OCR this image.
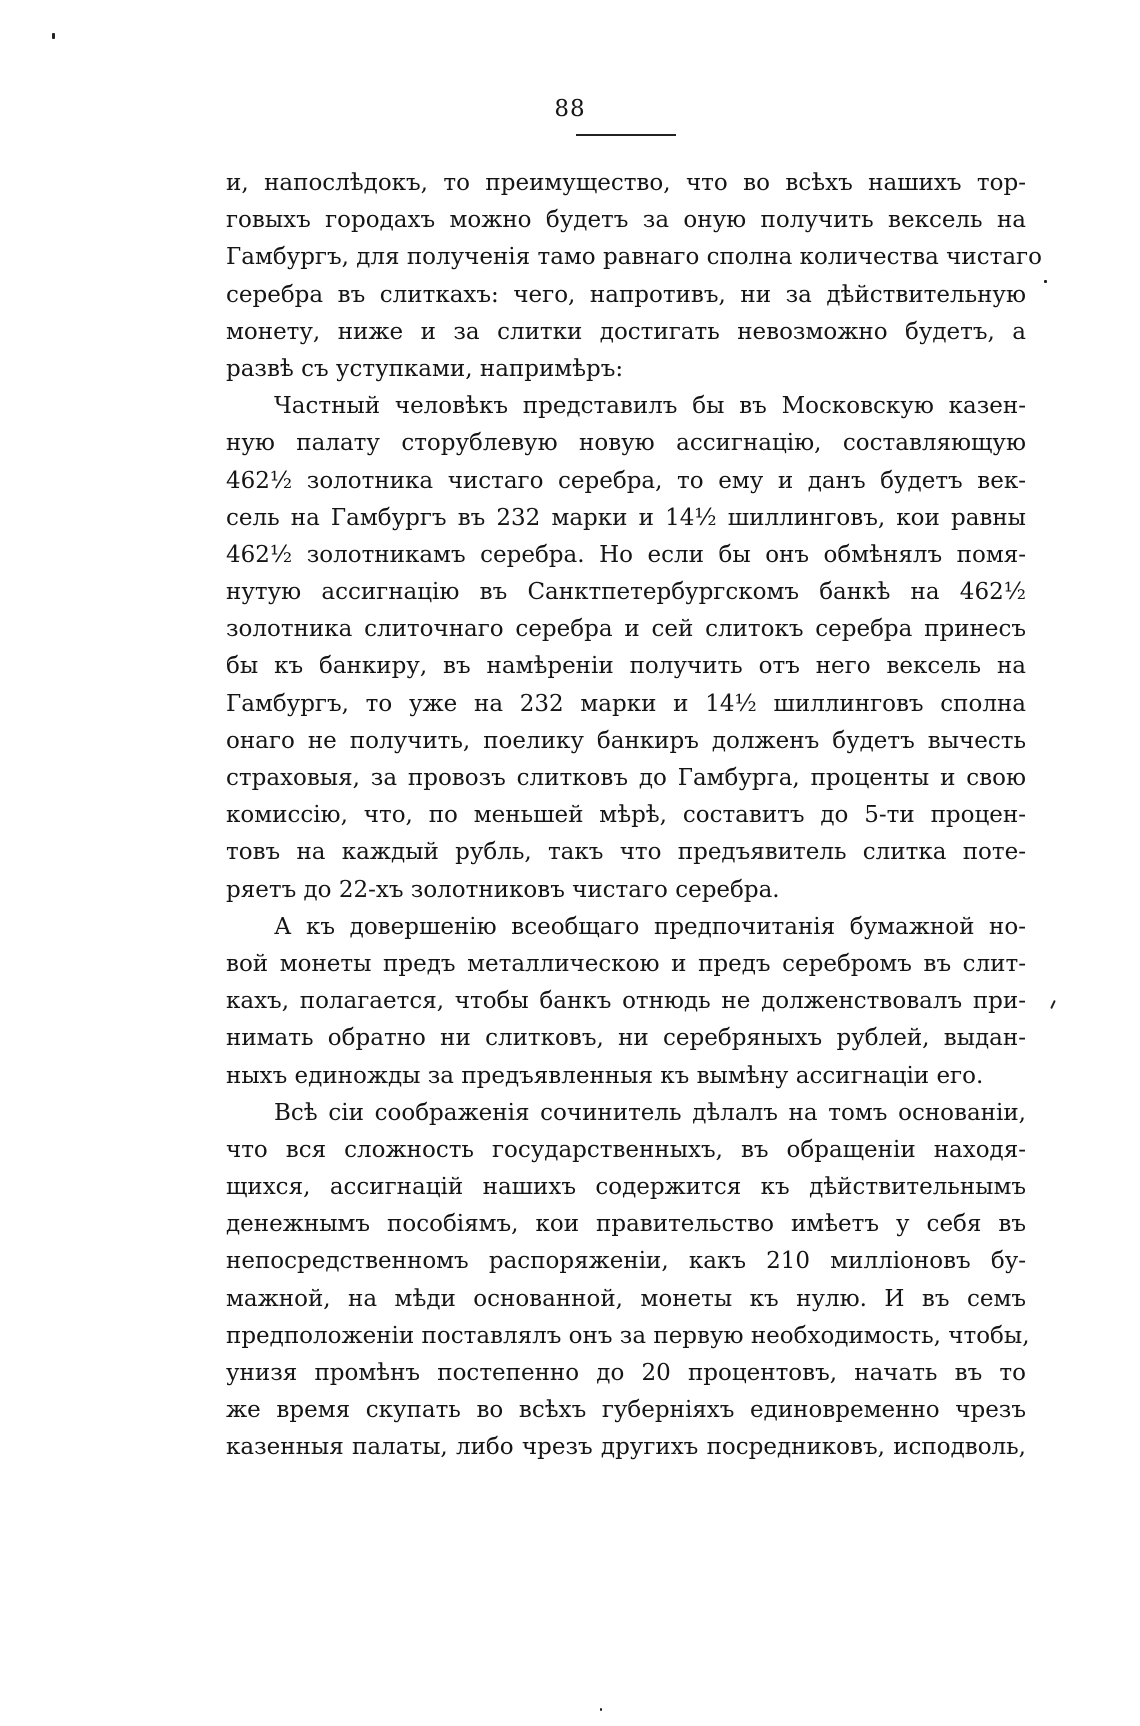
88
и, напослѣдокъ, то преимущество, что во всѣхъ нашихъ тор-
говыхъ городахъ можно будетъ за оную получить вексель на
Гамбургъ, для полученія тамо равнаго сполна количества чистаго
серебра въ слиткахъ: чего, напротивъ, ни за дѣйствительную
монету, ниже и за слитки достигать невозможно будетъ, а
развѣ съ уступками, напримѣръ:
Частный человѣкъ представилъ бы въ Московскую казен-
ную палату сторублевую новую ассигнацію, составляющую
462½ золотника чистаго серебра, то ему и данъ будетъ век-
сель на Гамбургъ въ 232 марки и 14½ шиллинговъ, кои равны
462½ золотникамъ серебра. Но если бы онъ обмѣнялъ помя-
нутую ассигнацію въ Санктпетербургскомъ банкѣ на 462½
золотника слиточнаго серебра и сей слитокъ серебра принесъ
бы къ банкиру, въ намѣреніи получить отъ него вексель на
Гамбургъ, то уже на 232 марки и 14½ шиллинговъ сполна
онаго не получить, поелику банкиръ долженъ будетъ вычесть
страховыя, за провозъ слитковъ до Гамбурга, проценты и свою
комиссію, что, по меньшей мѣрѣ, составитъ до 5-ти процен-
товъ на каждый рубль, такъ что предъявитель слитка поте-
ряетъ до 22-хъ золотниковъ чистаго серебра.
А къ довершенію всеобщаго предпочитанія бумажной но-
вой монеты предъ металлическою и предъ серебромъ въ слит-
кахъ, полагается, чтобы банкъ отнюдь не долженствовалъ при-
нимать обратно ни слитковъ, ни серебряныхъ рублей, выдан-
ныхъ единожды за предъявленныя къ вымѣну ассигнаціи его.
Всѣ сіи соображенія сочинитель дѣлалъ на томъ основаніи,
что вся сложность государственныхъ, въ обращеніи находя-
щихся, ассигнацій нашихъ содержится къ дѣйствительнымъ
денежнымъ пособіямъ, кои правительство имѣетъ у себя въ
непосредственномъ распоряженіи, какъ 210 милліоновъ бу-
мажной, на мѣди основанной, монеты къ нулю. И въ семъ
предположеніи поставлялъ онъ за первую необходимость, чтобы,
унизя промѣнъ постепенно до 20 процентовъ, начать въ то
же время скупать во всѣхъ губерніяхъ единовременно чрезъ
казенныя палаты, либо чрезъ другихъ посредниковъ, исподволь,
